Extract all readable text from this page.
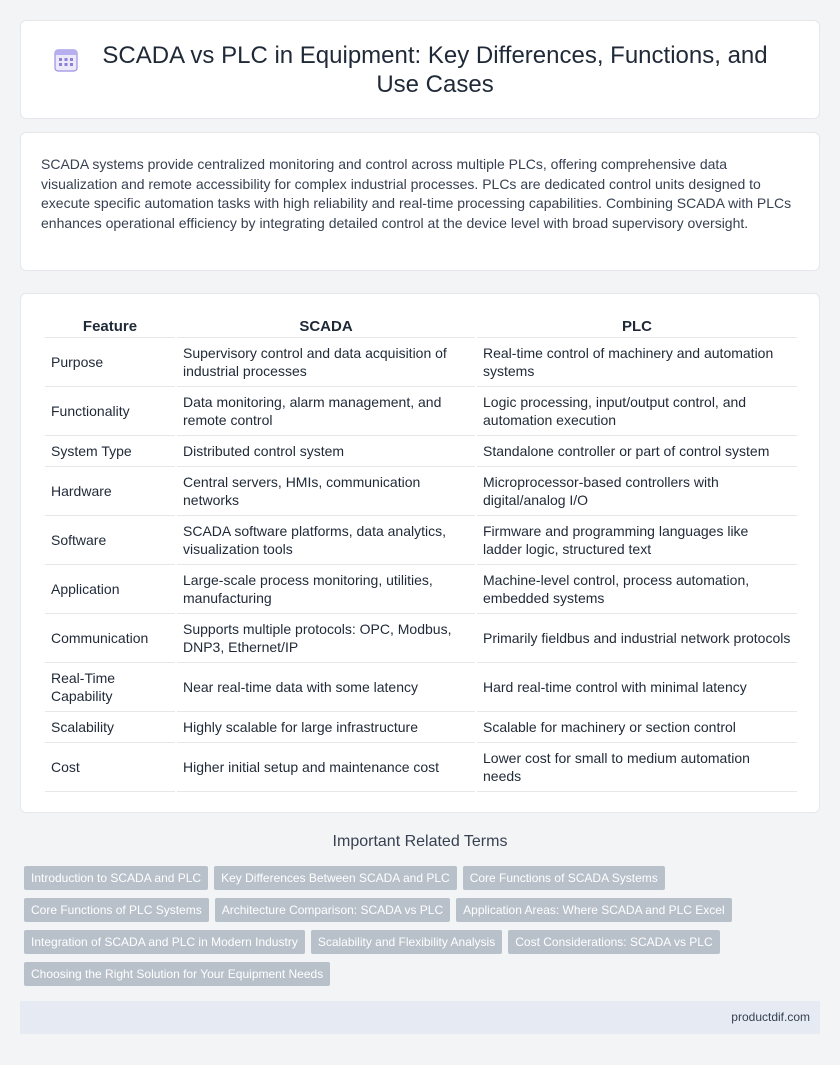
SCADA vs PLC in Equipment: Key Differences, Functions, and Use Cases

SCADA systems provide centralized monitoring and control across multiple PLCs, offering comprehensive data visualization and remote accessibility for complex industrial processes. PLCs are dedicated control units designed to execute specific automation tasks with high reliability and real-time processing capabilities. Combining SCADA with PLCs enhances operational efficiency by integrating detailed control at the device level with broad supervisory oversight.

Feature	SCADA	PLC
Purpose	Supervisory control and data acquisition of industrial processes	Real-time control of machinery and automation systems
Functionality	Data monitoring, alarm management, and remote control	Logic processing, input/output control, and automation execution
System Type	Distributed control system	Standalone controller or part of control system
Hardware	Central servers, HMIs, communication networks	Microprocessor-based controllers with digital/analog I/O
Software	SCADA software platforms, data analytics, visualization tools	Firmware and programming languages like ladder logic, structured text
Application	Large-scale process monitoring, utilities, manufacturing	Machine-level control, process automation, embedded systems
Communication	Supports multiple protocols: OPC, Modbus, DNP3, Ethernet/IP	Primarily fieldbus and industrial network protocols
Real-Time Capability	Near real-time data with some latency	Hard real-time control with minimal latency
Scalability	Highly scalable for large infrastructure	Scalable for machinery or section control
Cost	Higher initial setup and maintenance cost	Lower cost for small to medium automation needs
Important Related Terms
Introduction to SCADA and PLC Key Differences Between SCADA and PLC Core Functions of SCADA Systems
Core Functions of PLC Systems Architecture Comparison: SCADA vs PLC Application Areas: Where SCADA and PLC Excel
Integration of SCADA and PLC in Modern Industry Scalability and Flexibility Analysis Cost Considerations: SCADA vs PLC
Choosing the Right Solution for Your Equipment Needs
productdif.com
